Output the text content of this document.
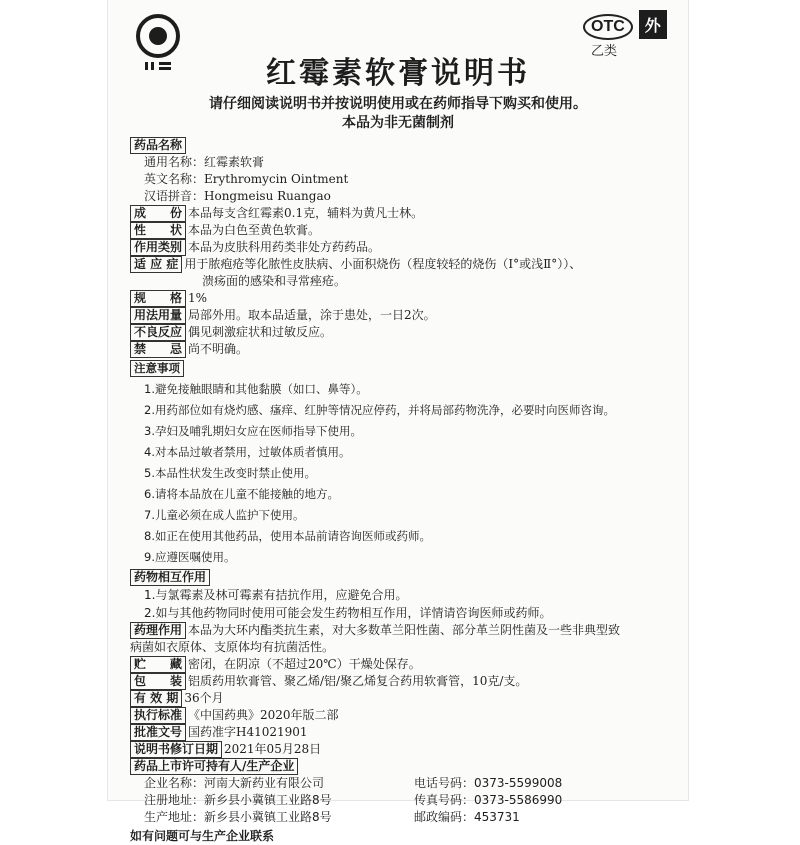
OTC 外
乙类
红霉素软膏说明书
请仔细阅读说明书并按说明使用或在药师指导下购买和使用。
本品为非无菌制剂
药品名称
通用名称：红霉素软膏
英文名称：Erythromycin Ointment
汉语拼音：Hongmeisu Ruangao
成　　份 本品每支含红霉素0.1克，辅料为黄凡士林。
性　　状 本品为白色至黄色软膏。
作用类别 本品为皮肤科用药类非处方药药品。
适 应 症 用于脓疱疮等化脓性皮肤病、小面积烧伤（程度较轻的烧伤（Ⅰ°或浅Ⅱ°））、
溃疡面的感染和寻常痤疮。
规　　格 1%
用法用量 局部外用。取本品适量，涂于患处，一日2次。
不良反应 偶见刺激症状和过敏反应。
禁　　忌 尚不明确。
注意事项
1.避免接触眼睛和其他黏膜（如口、鼻等）。
2.用药部位如有烧灼感、瘙痒、红肿等情况应停药，并将局部药物洗净，必要时向医师咨询。
3.孕妇及哺乳期妇女应在医师指导下使用。
4.对本品过敏者禁用，过敏体质者慎用。
5.本品性状发生改变时禁止使用。
6.请将本品放在儿童不能接触的地方。
7.儿童必须在成人监护下使用。
8.如正在使用其他药品，使用本品前请咨询医师或药师。
9.应遵医嘱使用。
药物相互作用
1.与氯霉素及林可霉素有拮抗作用，应避免合用。
2.如与其他药物同时使用可能会发生药物相互作用，详情请咨询医师或药师。
药理作用 本品为大环内酯类抗生素，对大多数革兰阳性菌、部分革兰阴性菌及一些非典型致
病菌如衣原体、支原体均有抗菌活性。
贮　　藏 密闭，在阴凉（不超过20℃）干燥处保存。
包　　装 铝质药用软膏管、聚乙烯/铝/聚乙烯复合药用软膏管，10克/支。
有 效 期 36个月
执行标准 《中国药典》2020年版二部
批准文号 国药准字H41021901
说明书修订日期 2021年05月28日
药品上市许可持有人/生产企业
企业名称：河南大新药业有限公司	电话号码：0373-5599008
注册地址：新乡县小冀镇工业路8号	传真号码：0373-5586990
生产地址：新乡县小冀镇工业路8号	邮政编码：453731
如有问题可与生产企业联系
